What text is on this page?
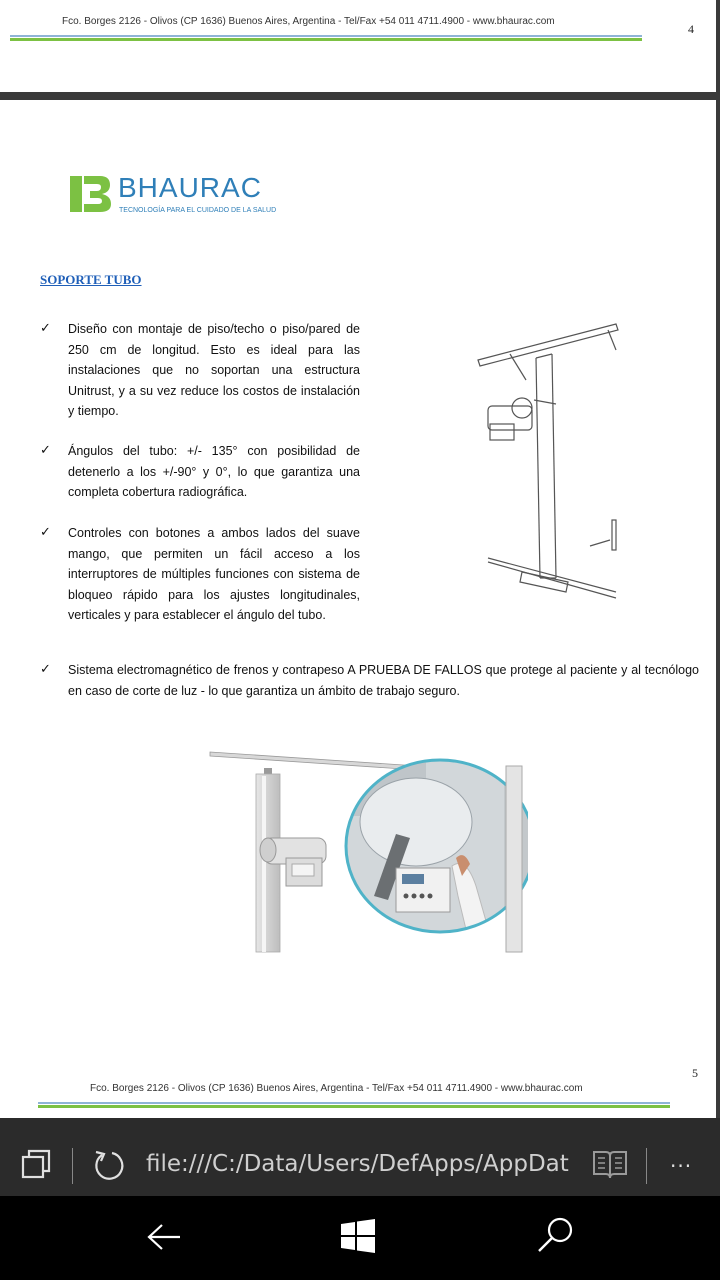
Fco. Borges 2126 - Olivos (CP 1636) Buenos Aires, Argentina - Tel/Fax +54 011 4711.4900 - www.bhaurac.com
4
BHAURAC
TECNOLOGÍA PARA EL CUIDADO DE LA SALUD
SOPORTE TUBO
✓ Diseño con montaje de piso/techo o piso/pared de 250 cm de longitud. Esto es ideal para las instalaciones que no soportan una estructura Unitrust, y a su vez reduce los costos de instalación y tiempo.
✓ Ángulos del tubo: +/- 135° con posibilidad de detenerlo a los +/-90° y 0°, lo que garantiza una completa cobertura radiográfica.
✓ Controles con botones a ambos lados del suave mango, que permiten un fácil acceso a los interruptores de múltiples funciones con sistema de bloqueo rápido para los ajustes longitudinales, verticales y para establecer el ángulo del tubo.
✓ Sistema electromagnético de frenos y contrapeso A PRUEBA DE FALLOS que protege al paciente y al tecnólogo en caso de corte de luz - lo que garantiza un ámbito de trabajo seguro.
5
Fco. Borges 2126 - Olivos (CP 1636) Buenos Aires, Argentina - Tel/Fax +54 011 4711.4900 - www.bhaurac.com
file:///C:/Data/Users/DefApps/AppDat	···
